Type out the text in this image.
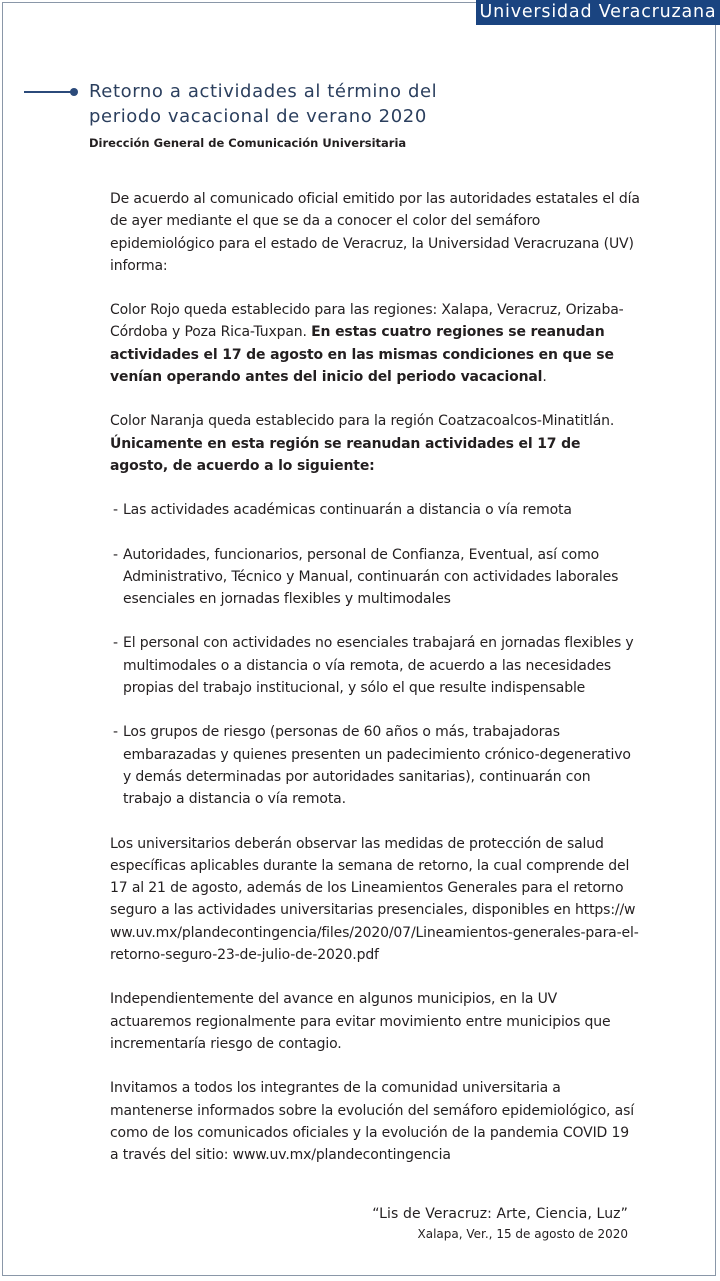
Universidad Veracruzana
Retorno a actividades al término del
periodo vacacional de verano 2020
Dirección General de Comunicación Universitaria

De acuerdo al comunicado oficial emitido por las autoridades estatales el día de ayer mediante el que se da a conocer el color del semáforo epidemiológico para el estado de Veracruz, la Universidad Veracruzana (UV) informa:

Color Rojo queda establecido para las regiones: Xalapa, Veracruz, Orizaba-Córdoba y Poza Rica-Tuxpan. En estas cuatro regiones se reanudan actividades el 17 de agosto en las mismas condiciones en que se venían operando antes del inicio del periodo vacacional.

Color Naranja queda establecido para la región Coatzacoalcos-Minatitlán. Únicamente en esta región se reanudan actividades el 17 de agosto, de acuerdo a lo siguiente:

- Las actividades académicas continuarán a distancia o vía remota
- Autoridades, funcionarios, personal de Confianza, Eventual, así como Administrativo, Técnico y Manual, continuarán con actividades laborales esenciales en jornadas flexibles y multimodales
- El personal con actividades no esenciales trabajará en jornadas flexibles y multimodales o a distancia o vía remota, de acuerdo a las necesidades propias del trabajo institucional, y sólo el que resulte indispensable
- Los grupos de riesgo (personas de 60 años o más, trabajadoras embarazadas y quienes presenten un padecimiento crónico-degenerativo y demás determinadas por autoridades sanitarias), continuarán con trabajo a distancia o vía remota.

Los universitarios deberán observar las medidas de protección de salud específicas aplicables durante la semana de retorno, la cual comprende del 17 al 21 de agosto, además de los Lineamientos Generales para el retorno seguro a las actividades universitarias presenciales, disponibles en https://www.uv.mx/plandecontingencia/files/2020/07/Lineamientos-generales-para-el-retorno-seguro-23-de-julio-de-2020.pdf

Independientemente del avance en algunos municipios, en la UV actuaremos regionalmente para evitar movimiento entre municipios que incrementaría riesgo de contagio.

Invitamos a todos los integrantes de la comunidad universitaria a mantenerse informados sobre la evolución del semáforo epidemiológico, así como de los comunicados oficiales y la evolución de la pandemia COVID 19 a través del sitio: www.uv.mx/plandecontingencia

“Lis de Veracruz: Arte, Ciencia, Luz”
Xalapa, Ver., 15 de agosto de 2020
